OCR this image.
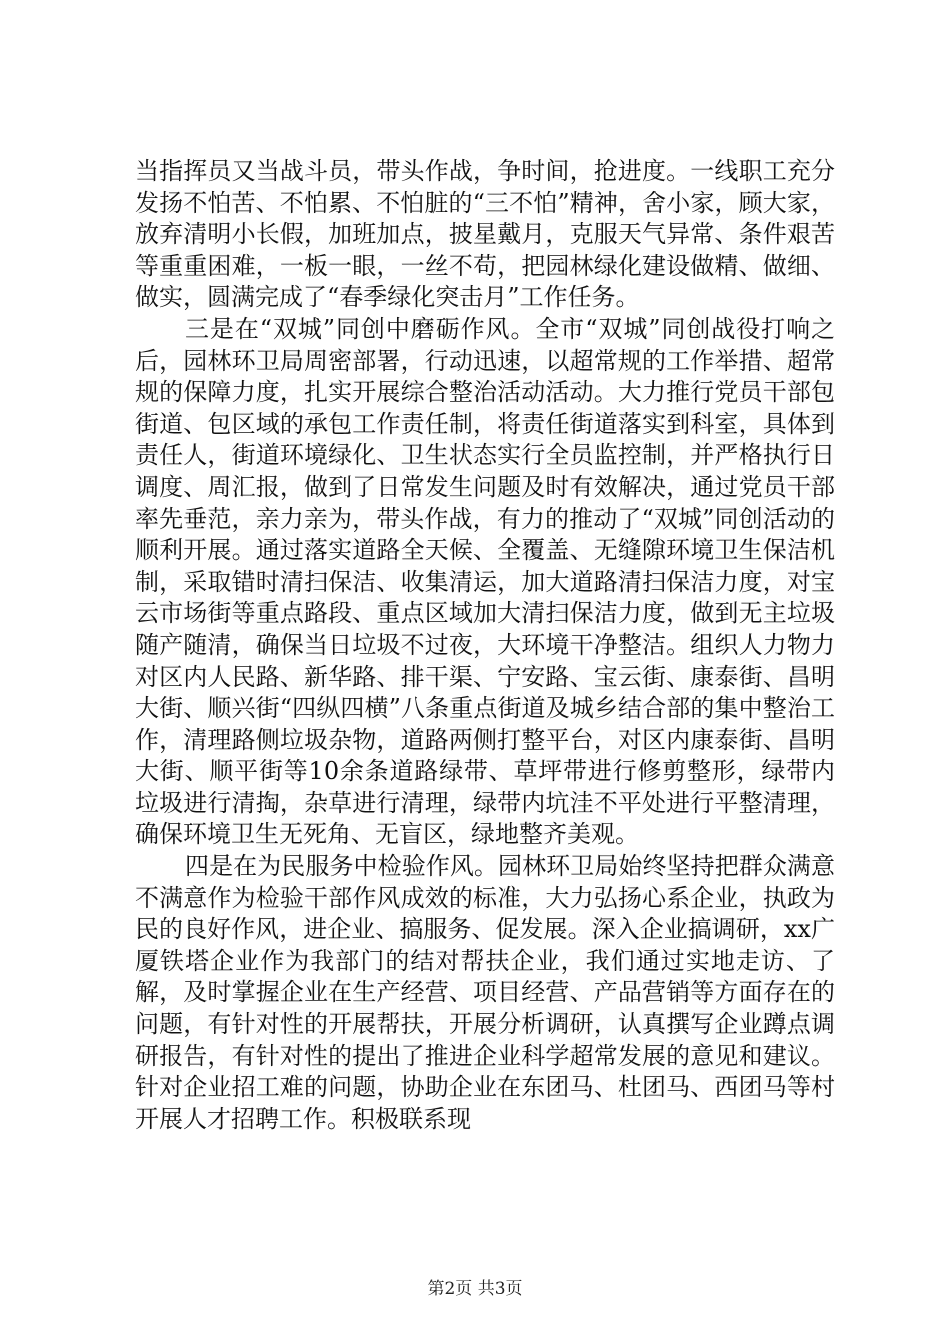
当指挥员又当战斗员，带头作战，争时间，抢进度。一线职工充分发扬不怕苦、不怕累、不怕脏的“三不怕”精神，舍小家，顾大家，放弃清明小长假，加班加点，披星戴月，克服天气异常、条件艰苦等重重困难，一板一眼，一丝不苟，把园林绿化建设做精、做细、做实，圆满完成了“春季绿化突击月”工作任务。

三是在“双城”同创中磨砺作风。全市“双城”同创战役打响之后，园林环卫局周密部署，行动迅速，以超常规的工作举措、超常规的保障力度，扎实开展综合整治活动活动。大力推行党员干部包街道、包区域的承包工作责任制，将责任街道落实到科室，具体到责任人，街道环境绿化、卫生状态实行全员监控制，并严格执行日调度、周汇报，做到了日常发生问题及时有效解决，通过党员干部率先垂范，亲力亲为，带头作战，有力的推动了“双城”同创活动的顺利开展。通过落实道路全天候、全覆盖、无缝隙环境卫生保洁机制，采取错时清扫保洁、收集清运，加大道路清扫保洁力度，对宝云市场街等重点路段、重点区域加大清扫保洁力度，做到无主垃圾随产随清，确保当日垃圾不过夜，大环境干净整洁。组织人力物力对区内人民路、新华路、排干渠、宁安路、宝云街、康泰街、昌明大街、顺兴街“四纵四横”八条重点街道及城乡结合部的集中整治工作，清理路侧垃圾杂物，道路两侧打整平台，对区内康泰街、昌明大街、顺平街等10余条道路绿带、草坪带进行修剪整形，绿带内垃圾进行清掏，杂草进行清理，绿带内坑洼不平处进行平整清理，确保环境卫生无死角、无盲区，绿地整齐美观。

四是在为民服务中检验作风。园林环卫局始终坚持把群众满意不满意作为检验干部作风成效的标准，大力弘扬心系企业，执政为民的良好作风，进企业、搞服务、促发展。深入企业搞调研，xx广厦铁塔企业作为我部门的结对帮扶企业，我们通过实地走访、了解，及时掌握企业在生产经营、项目经营、产品营销等方面存在的问题，有针对性的开展帮扶，开展分析调研，认真撰写企业蹲点调研报告，有针对性的提出了推进企业科学超常发展的意见和建议。针对企业招工难的问题，协助企业在东团马、杜团马、西团马等村开展人才招聘工作。积极联系现

第2页 共3页
